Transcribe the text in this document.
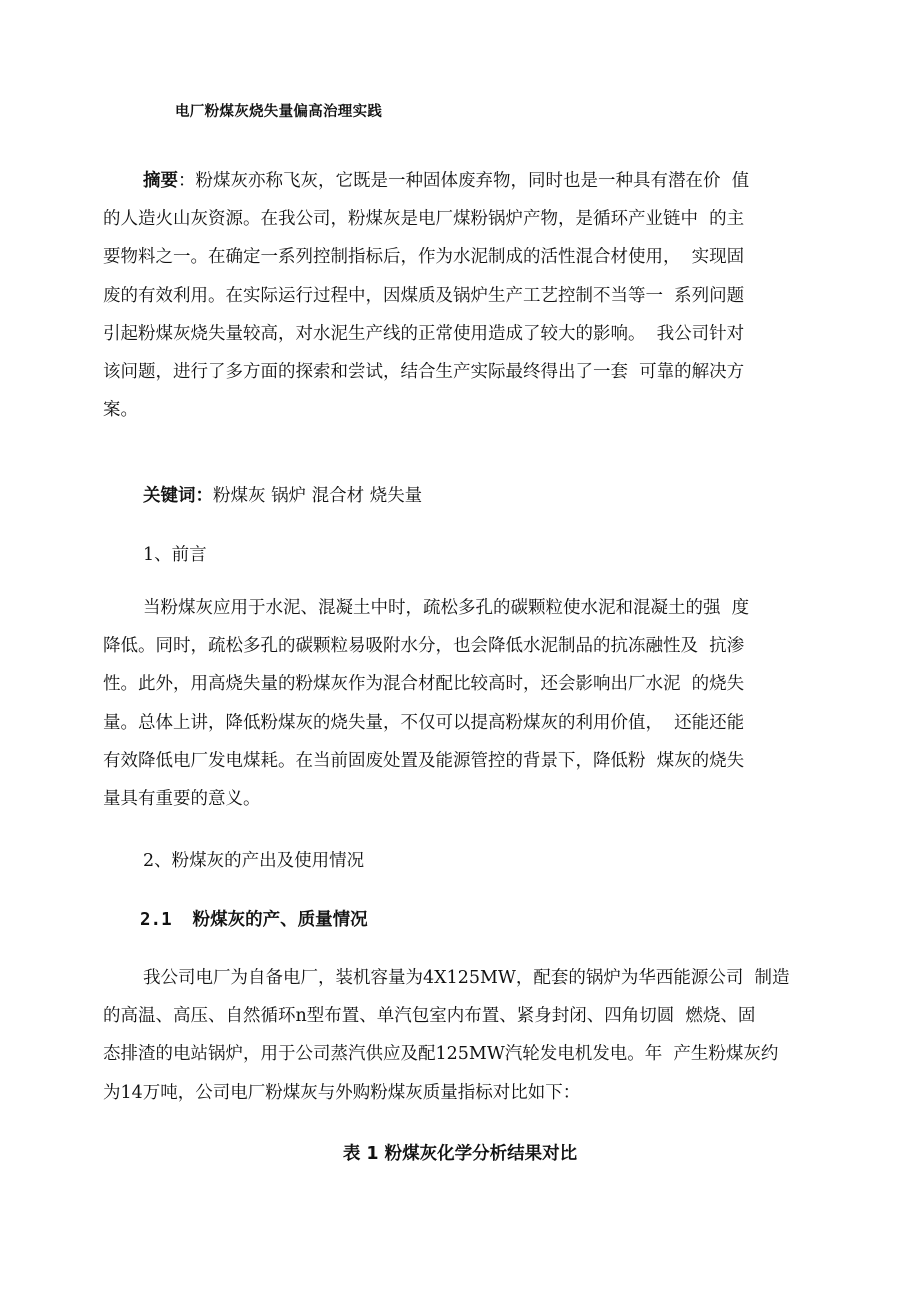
电厂粉煤灰烧失量偏高治理实践
摘要：粉煤灰亦称飞灰，它既是一种固体废弃物，同时也是一种具有潜在价  值
的人造火山灰资源。在我公司，粉煤灰是电厂煤粉锅炉产物，是循环产业链中  的主
要物料之一。在确定一系列控制指标后，作为水泥制成的活性混合材使用，  实现固
废的有效利用。在实际运行过程中，因煤质及锅炉生产工艺控制不当等一  系列问题
引起粉煤灰烧失量较高，对水泥生产线的正常使用造成了较大的影响。  我公司针对
该问题，进行了多方面的探索和尝试，结合生产实际最终得出了一套  可靠的解决方
案。
关键词：粉煤灰 锅炉 混合材 烧失量
1、前言
当粉煤灰应用于水泥、混凝土中时，疏松多孔的碳颗粒使水泥和混凝土的强  度
降低。同时，疏松多孔的碳颗粒易吸附水分，也会降低水泥制品的抗冻融性及  抗渗
性。此外，用高烧失量的粉煤灰作为混合材配比较高时，还会影响出厂水泥  的烧失
量。总体上讲，降低粉煤灰的烧失量，不仅可以提高粉煤灰的利用价值，  还能还能
有效降低电厂发电煤耗。在当前固废处置及能源管控的背景下，降低粉  煤灰的烧失
量具有重要的意义。
2、粉煤灰的产出及使用情况
2.1  粉煤灰的产、质量情况
我公司电厂为自备电厂，装机容量为4X125MW，配套的锅炉为华西能源公司  制造
的高温、高压、自然循环n型布置、单汽包室内布置、紧身封闭、四角切圆  燃烧、固
态排渣的电站锅炉，用于公司蒸汽供应及配125MW汽轮发电机发电。年  产生粉煤灰约
为14万吨，公司电厂粉煤灰与外购粉煤灰质量指标对比如下：
表 1 粉煤灰化学分析结果对比
